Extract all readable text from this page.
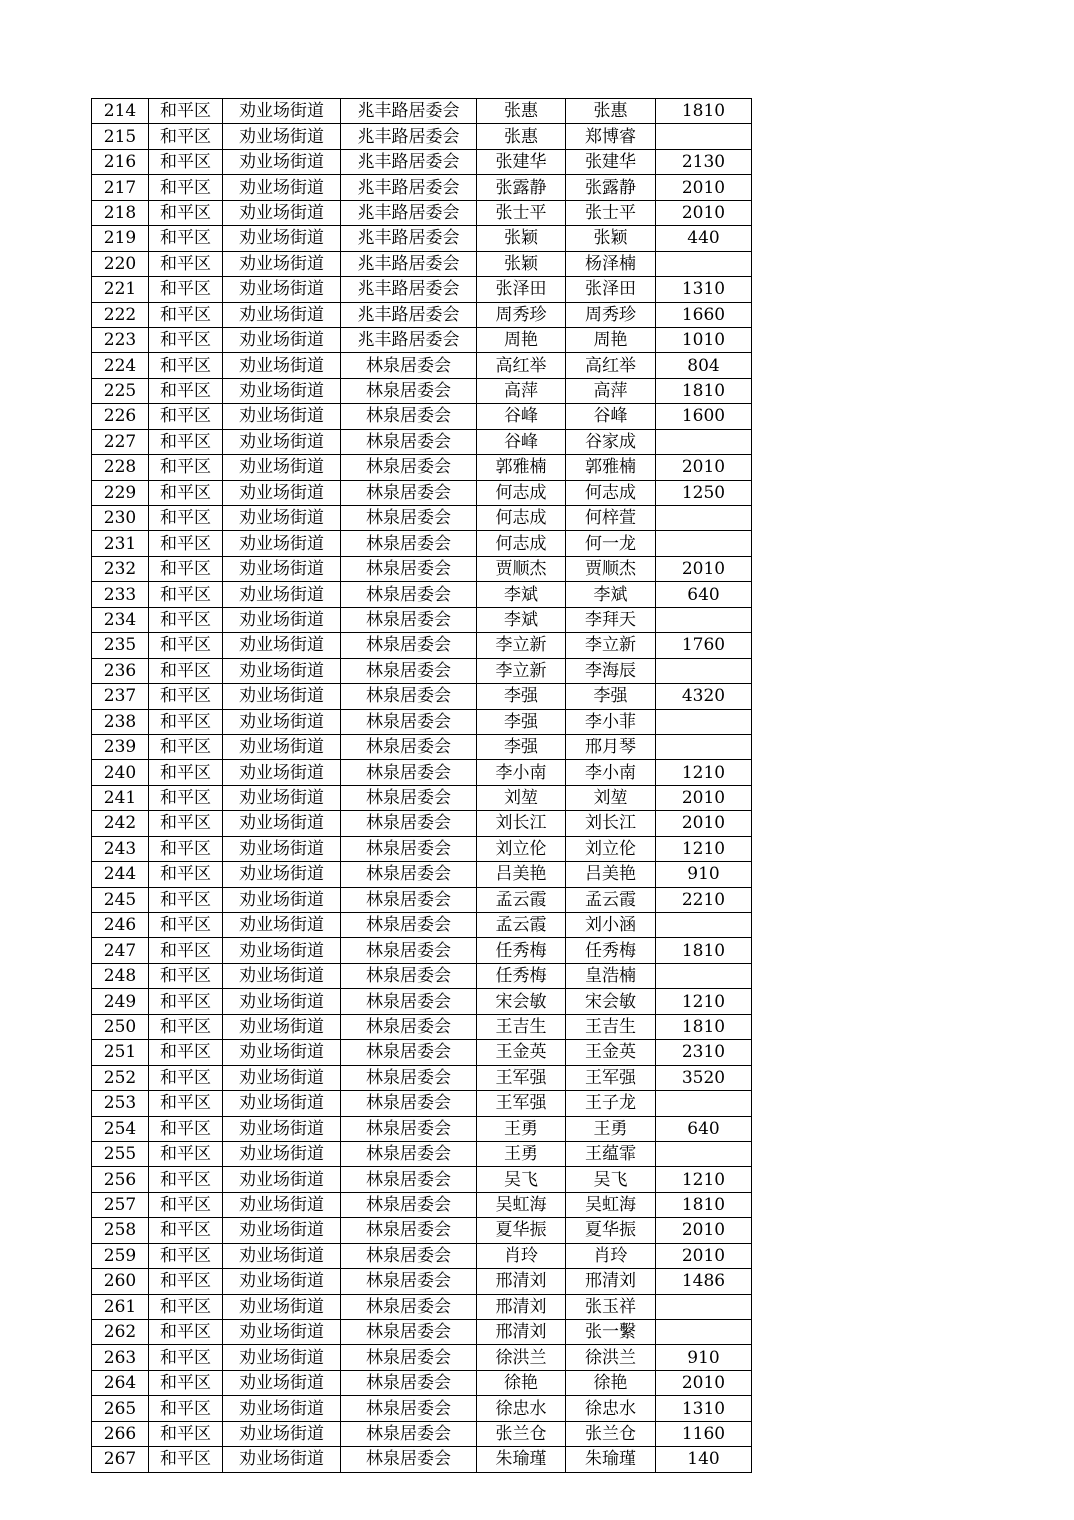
214	和平区	劝业场街道	兆丰路居委会	张惠	张惠	1810
215	和平区	劝业场街道	兆丰路居委会	张惠	郑博睿	
216	和平区	劝业场街道	兆丰路居委会	张建华	张建华	2130
217	和平区	劝业场街道	兆丰路居委会	张露静	张露静	2010
218	和平区	劝业场街道	兆丰路居委会	张士平	张士平	2010
219	和平区	劝业场街道	兆丰路居委会	张颖	张颖	440
220	和平区	劝业场街道	兆丰路居委会	张颖	杨泽楠	
221	和平区	劝业场街道	兆丰路居委会	张泽田	张泽田	1310
222	和平区	劝业场街道	兆丰路居委会	周秀珍	周秀珍	1660
223	和平区	劝业场街道	兆丰路居委会	周艳	周艳	1010
224	和平区	劝业场街道	林泉居委会	高红举	高红举	804
225	和平区	劝业场街道	林泉居委会	高萍	高萍	1810
226	和平区	劝业场街道	林泉居委会	谷峰	谷峰	1600
227	和平区	劝业场街道	林泉居委会	谷峰	谷家成	
228	和平区	劝业场街道	林泉居委会	郭雅楠	郭雅楠	2010
229	和平区	劝业场街道	林泉居委会	何志成	何志成	1250
230	和平区	劝业场街道	林泉居委会	何志成	何梓萱	
231	和平区	劝业场街道	林泉居委会	何志成	何一龙	
232	和平区	劝业场街道	林泉居委会	贾顺杰	贾顺杰	2010
233	和平区	劝业场街道	林泉居委会	李斌	李斌	640
234	和平区	劝业场街道	林泉居委会	李斌	李拜天	
235	和平区	劝业场街道	林泉居委会	李立新	李立新	1760
236	和平区	劝业场街道	林泉居委会	李立新	李海辰	
237	和平区	劝业场街道	林泉居委会	李强	李强	4320
238	和平区	劝业场街道	林泉居委会	李强	李小菲	
239	和平区	劝业场街道	林泉居委会	李强	邢月琴	
240	和平区	劝业场街道	林泉居委会	李小南	李小南	1210
241	和平区	劝业场街道	林泉居委会	刘堃	刘堃	2010
242	和平区	劝业场街道	林泉居委会	刘长江	刘长江	2010
243	和平区	劝业场街道	林泉居委会	刘立伦	刘立伦	1210
244	和平区	劝业场街道	林泉居委会	吕美艳	吕美艳	910
245	和平区	劝业场街道	林泉居委会	孟云霞	孟云霞	2210
246	和平区	劝业场街道	林泉居委会	孟云霞	刘小涵	
247	和平区	劝业场街道	林泉居委会	任秀梅	任秀梅	1810
248	和平区	劝业场街道	林泉居委会	任秀梅	皇浩楠	
249	和平区	劝业场街道	林泉居委会	宋会敏	宋会敏	1210
250	和平区	劝业场街道	林泉居委会	王吉生	王吉生	1810
251	和平区	劝业场街道	林泉居委会	王金英	王金英	2310
252	和平区	劝业场街道	林泉居委会	王军强	王军强	3520
253	和平区	劝业场街道	林泉居委会	王军强	王子龙	
254	和平区	劝业场街道	林泉居委会	王勇	王勇	640
255	和平区	劝业场街道	林泉居委会	王勇	王蕴霏	
256	和平区	劝业场街道	林泉居委会	吴飞	吴飞	1210
257	和平区	劝业场街道	林泉居委会	吴虹海	吴虹海	1810
258	和平区	劝业场街道	林泉居委会	夏华振	夏华振	2010
259	和平区	劝业场街道	林泉居委会	肖玲	肖玲	2010
260	和平区	劝业场街道	林泉居委会	邢清刘	邢清刘	1486
261	和平区	劝业场街道	林泉居委会	邢清刘	张玉祥	
262	和平区	劝业场街道	林泉居委会	邢清刘	张一繫	
263	和平区	劝业场街道	林泉居委会	徐洪兰	徐洪兰	910
264	和平区	劝业场街道	林泉居委会	徐艳	徐艳	2010
265	和平区	劝业场街道	林泉居委会	徐忠水	徐忠水	1310
266	和平区	劝业场街道	林泉居委会	张兰仓	张兰仓	1160
267	和平区	劝业场街道	林泉居委会	朱瑜瑾	朱瑜瑾	140
